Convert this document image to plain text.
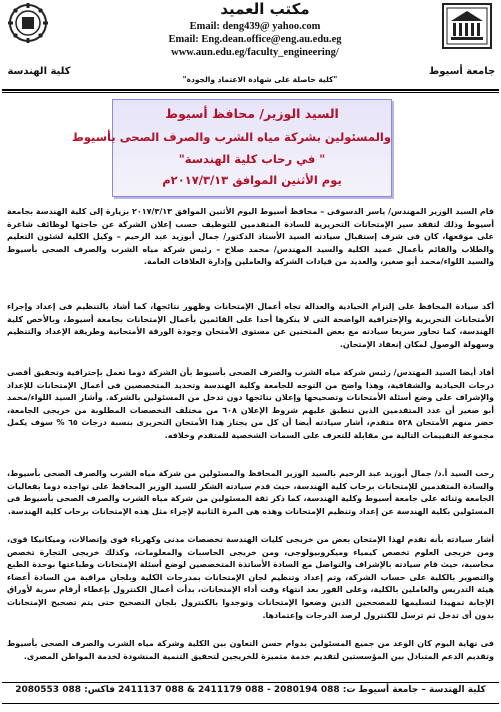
مكتب العميد
Email: deng439@ yahoo.com
Email: Eng.dean.office@eng.au.edu.eg
www.aun.edu.eg/faculty_engineering/
جامعة أسيوط
كلية الهندسة
"كلية حاصلة على شهادة الاعتماد والجودة"
السيد الوزير/ محافظ أسيوط
والمسئولين بشركة مياه الشرب والصرف الصحى بأسيوط
" في رحاب كلية الهندسة"
يوم الأثنين الموافق ٢٠١٧/٣/١٣م
قام السيد الوزير المهندس/ ياسر الدسوقى – محافظ أسيوط اليوم الأثنين الموافق ٢٠١٧/٣/١٣ بزيارة إلى كلية الهندسة بجامعة أسيوط وذلك لتفقد سير الإمتحانات التحريرية للسادة المتقدمين للتوظيف حسب إعلان الشركة عن حاجتها لوظائف شاغرة على موقعها، كان فى شرف إستقبال سيادته السيد الأستاذ الدكتور/ جمال أبوزيد عبد الرحيم – وكيل الكلية لشئون التعليم والطلاب والقائم بأعمال عميد الكلية والسيد المهندس/ محمد صلاح – رئيس شركة مياه الشرب والصرف الصحى بأسيوط والسيد اللواء/محمد أبو صغير، والعديد من قيادات الشركة والعاملين وإدارة العلاقات العامة.
أكد سيادة المحافظ على إلتزام الحيادية والعدالة تجاه أعمال الإمتحانات وظهور نتائجها، كما أشاد بالتنظيم فى إعداد وإجراء الأمتحانات التحريرية والإحترافية الواضحة التى لا ينكرها أحدا على القائمين بأعمال الإمتحانات بجامعة أسيوط، وبالأخص كلية الهندسة، كما تحاور سريعا سيادته مع بعض المتحنين عن مستوى الأمتحان وجودة الورقة الأمتحانية وطريقة الإعداد والتنظيم وسهولة الوصول لمكان إنعقاد الإمتحان.
أفاد أيضا السيد المهندس/ رئيس شركة مياه الشرب والصرف الصحى بأسيوط بأن الشركة دوما تعمل بإحترافية وتحقيق أقصى درجات الحيادية والشفافية، وهذا واضح من التوجه للجامعة وكلية الهندسة وتحديد المتخصصين فى أعمال الإمتحانات للإعداد والإشراف على وضع أسئلة الأمتحانات وتصحيحها وإعلان نتائجها دون تدخل من المسئولين بالشركة. وأشار السيد اللواء/محمد أبو صغير أن عدد المتقدمين الذين تنطبق عليهم شروط الإعلان ٦٠٨ من مختلف التخصصات المطلوبة من خريجى الجامعة، حضر منهم الأمتحان ٥٢٨ متقدم، أشار سيادته أيضا أن كل من يجتاز هذا الأمتحان التحريرى بنسبة درجات ٦٥ % سوف يكمل مجموعة التقييمات التالية من مقابلة للتعرف على السمات الشخصية للمتقدم وخلافه.
رحب السيد أ.د/ جمال أبوزيد عبد الرحيم بالسيد الوزير المحافظ والمسئولين من شركة مياه الشرب والصرف الصحى بأسيوط، والسادة المتقدمين للإمتحانات برحاب كلية الهندسة، حيث قدم سيادته الشكر للسيد الوزير المحافظ على تواجده دوما بفعاليات الجامعة وثنائه على جامعة أسيوط وكلية الهندسة، كما ذكر ثقة المسئولين من شركة مياه الشرب والصرف الصحى بأسيوط فى المسئولين بكلية الهندسة عن إعداد وتنظيم الإمتحانات وهذه هى المرة الثانية لإجراء مثل هذه الإمتحانات برحاب كلية الهندسة.
أشار سيادته بأنه تقدم لهذا الإمتحان بعض من خريجى كليات الهندسة تخصصات مدنى وكهرباء قوى وإتصالات، وميكانيكا قوى، ومن خريجى العلوم تخصص كيمياء وميكروبيولوجى، ومن خريجى الحاسبات والمعلومات، وكذلك خريجى التجارة تخصص محاسبة، حيث قام سيادته بالإشراف والتواصل مع السادة الأساتذة المتخصصين لوضع أسئلة الإمتحانات وطباعتها بوحدة الطبع والتصوير بالكلية على حساب الشركة، وتم إعداد وتنظيم لجان الإمتحانات بمدرجات الكلية وبلجان مراقبة من السادة أعضاء هيئة التدريس والعاملين بالكلية، وعلى الفور بعد انتهاء وقت أداء الإمتحانات، بدأت أعمال الكنترول بإعطاء أرقام سرية لأوراق الإجابة تمهيدا لتسليمها للمصححين الذين وضعوا الإمتحانات وتوجدوا بالكنترول بلجان التصحيح حتى يتم تصحيح الإمتحانات بدون أى تدخل ثم ترسل للكنترول لرصد الدرجات وإعتمادها.
فى نهاية اليوم كان الوعد من جميع المسئولين بدوام حسن التعاون بين الكلية وشركة مياه الشرب والصرف الصحى بأسيوط وتقديم الدعم المتبادل بين المؤسستين لتقديم خدمة متميزة للخريجين لتحقيق التنمية المنشودة لخدمة المواطن المصرى.
كلية الهندسة – جامعة أسيوط ت: 088 2080194 - 088 2411179 & 088 2411137 فاكس: 088 2080553
